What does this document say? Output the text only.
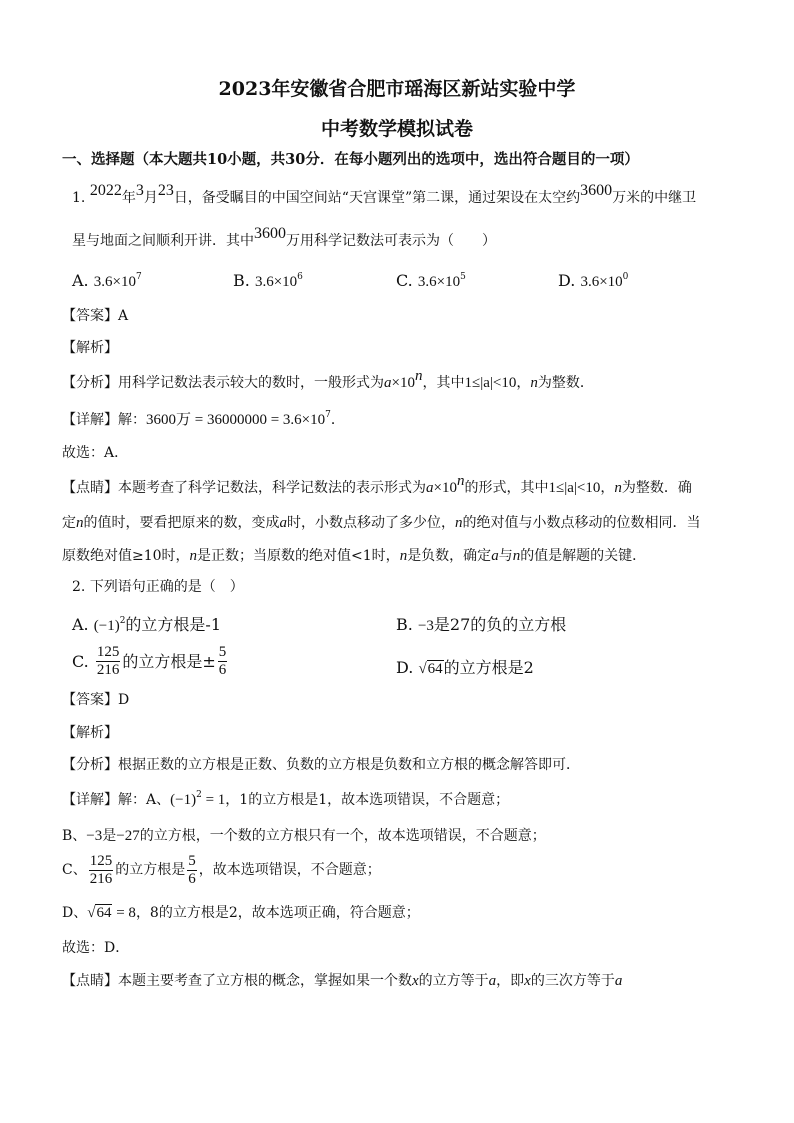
2023年安徽省合肥市瑶海区新站实验中学
中考数学模拟试卷
一、选择题（本大题共10小题，共30分．在每小题列出的选项中，选出符合题目的一项）
1. 2022年3月23日，备受瞩目的中国空间站“天宫课堂”第二课，通过架设在太空约3600万米的中继卫
星与地面之间顺利开讲．其中3600万用科学记数法可表示为（　　）
A. $3.6\times 10^7$	B. $3.6\times 10^6$	C. $3.6\times 10^5$	D. $3.6\times 10^0$
【答案】A
【解析】
【分析】用科学记数法表示较大的数时，一般形式为$a\times 10^n$，其中1≤|a|<10，n为整数．
【详解】解：3600万 = $36000000 = 3.6\times 10^7$．
故选：A．
【点睛】本题考查了科学记数法，科学记数法的表示形式为$a\times 10^n$的形式，其中1≤|a|<10，n为整数．确
定n的值时，要看把原来的数，变成a时，小数点移动了多少位，n的绝对值与小数点移动的位数相同．当
原数绝对值≥10时，n是正数；当原数的绝对值<1时，n是负数，确定a与n的值是解题的关键．
2. 下列语句正确的是（　）
A. $(-1)^2$的立方根是-1	B. −3是27的负的立方根
C. $\frac{125}{216}$ 的立方根是± $\frac{5}{6}$	D. √64的立方根是2
【答案】D
【解析】
【分析】根据正数的立方根是正数、负数的立方根是负数和立方根的概念解答即可．
【详解】解：A、$(-1)^2 = 1$，1的立方根是1，故本选项错误，不合题意；
B、−3是−27的立方根，一个数的立方根只有一个，故本选项错误，不合题意；
C、 $\frac{125}{216}$ 的立方根是 $\frac{5}{6}$ ，故本选项错误，不合题意；
D、√64 = 8，8的立方根是2，故本选项正确，符合题意；
故选：D．
【点睛】本题主要考查了立方根的概念，掌握如果一个数x的立方等于a，即x的三次方等于a
